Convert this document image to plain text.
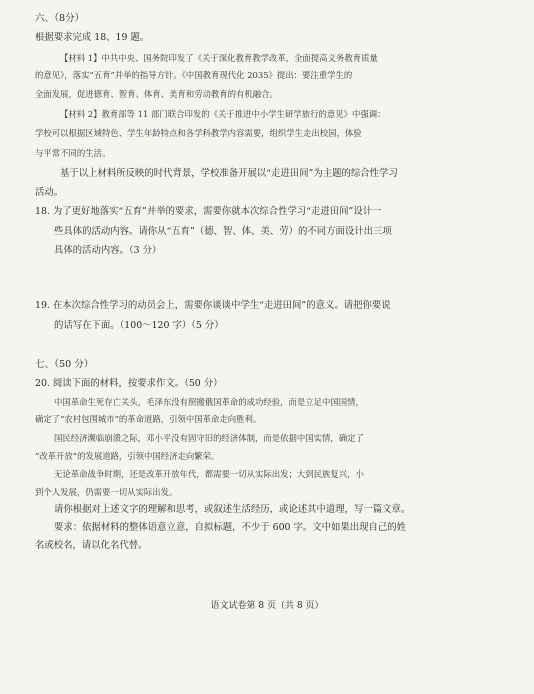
六、（8分）
根据要求完成 18、19 题。
【材料 1】中共中央、国务院印发了《关于深化教育教学改革，全面提高义务教育质量
的意见》，落实“五育”并举的指导方针。《中国教育现代化 2035》提出：要注重学生的
全面发展，促进德育、智育、体育、美育和劳动教育的有机融合。
【材料 2】教育部等 11 部门联合印发的《关于推进中小学生研学旅行的意见》中强调：
学校可以根据区域特色、学生年龄特点和各学科教学内容需要，组织学生走出校园，体验
与平常不同的生活。
基于以上材料所反映的时代背景，学校准备开展以“走进田间”为主题的综合性学习
活动。
18. 为了更好地落实“五育”并举的要求，需要你就本次综合性学习“走进田间”设计一
些具体的活动内容。请你从“五育”（德、智、体、美、劳）的不同方面设计出三项
具体的活动内容。（3 分）
19. 在本次综合性学习的动员会上，需要你谈谈中学生“走进田间”的意义。请把你要说
的话写在下面。（100～120 字）（5 分）
七、（50 分）
20. 阅读下面的材料，按要求作文。（50 分）
中国革命生死存亡关头，毛泽东没有照搬俄国革命的成功经验，而是立足中国国情，
确定了“农村包围城市”的革命道路，引领中国革命走向胜利。
国民经济濒临崩溃之际，邓小平没有固守旧的经济体制，而是依据中国实情，确定了
“改革开放”的发展道路，引领中国经济走向繁荣。
无论革命战争时期，还是改革开放年代，都需要一切从实际出发；大到民族复兴，小
到个人发展，仍需要一切从实际出发。
请你根据对上述文字的理解和思考，或叙述生活经历，或论述其中道理，写一篇文章。
要求：依据材料的整体语意立意，自拟标题，不少于 600 字。文中如果出现自己的姓
名或校名，请以化名代替。
语文试卷第 8 页（共 8 页）
